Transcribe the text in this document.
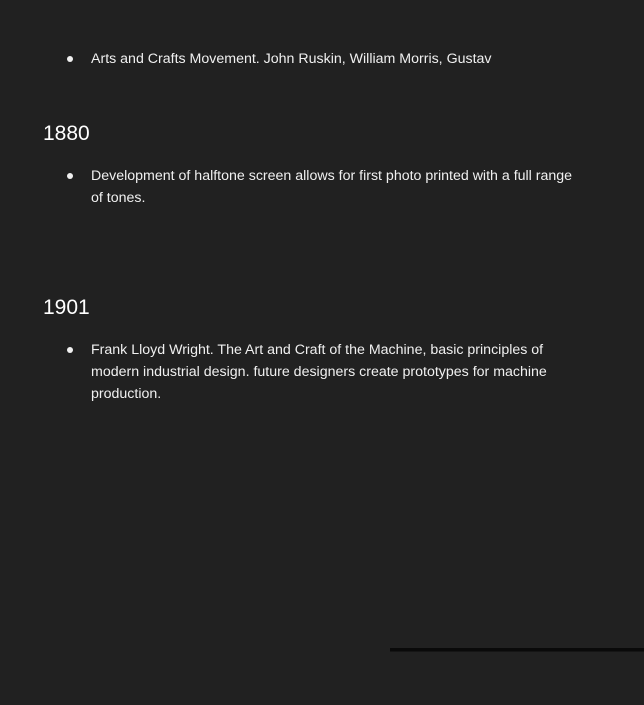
Arts and Crafts Movement. John Ruskin, William Morris, Gustav
1880
Development of halftone screen allows for first photo printed with a full range of tones.
1901
Frank Lloyd Wright. The Art and Craft of the Machine, basic principles of modern industrial design. future designers create prototypes for machine production.
